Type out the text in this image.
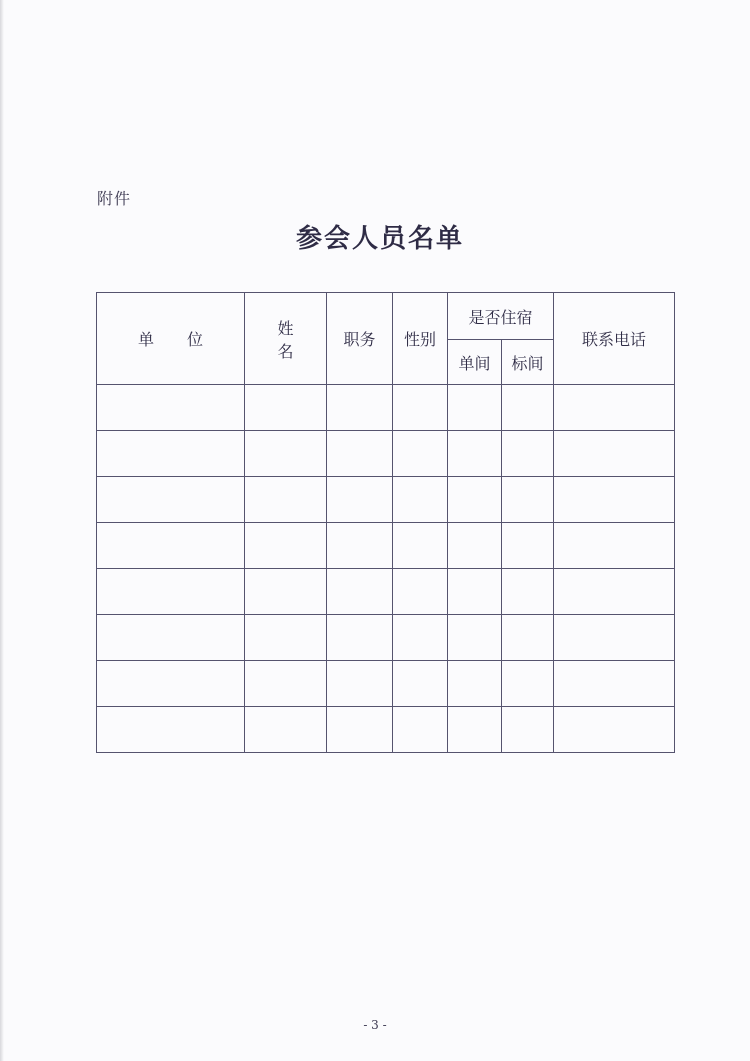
附件
参会人员名单
单 位	姓 名	职务	性别	是否住宿		联系电话
				单间	标间	

- 3 -
